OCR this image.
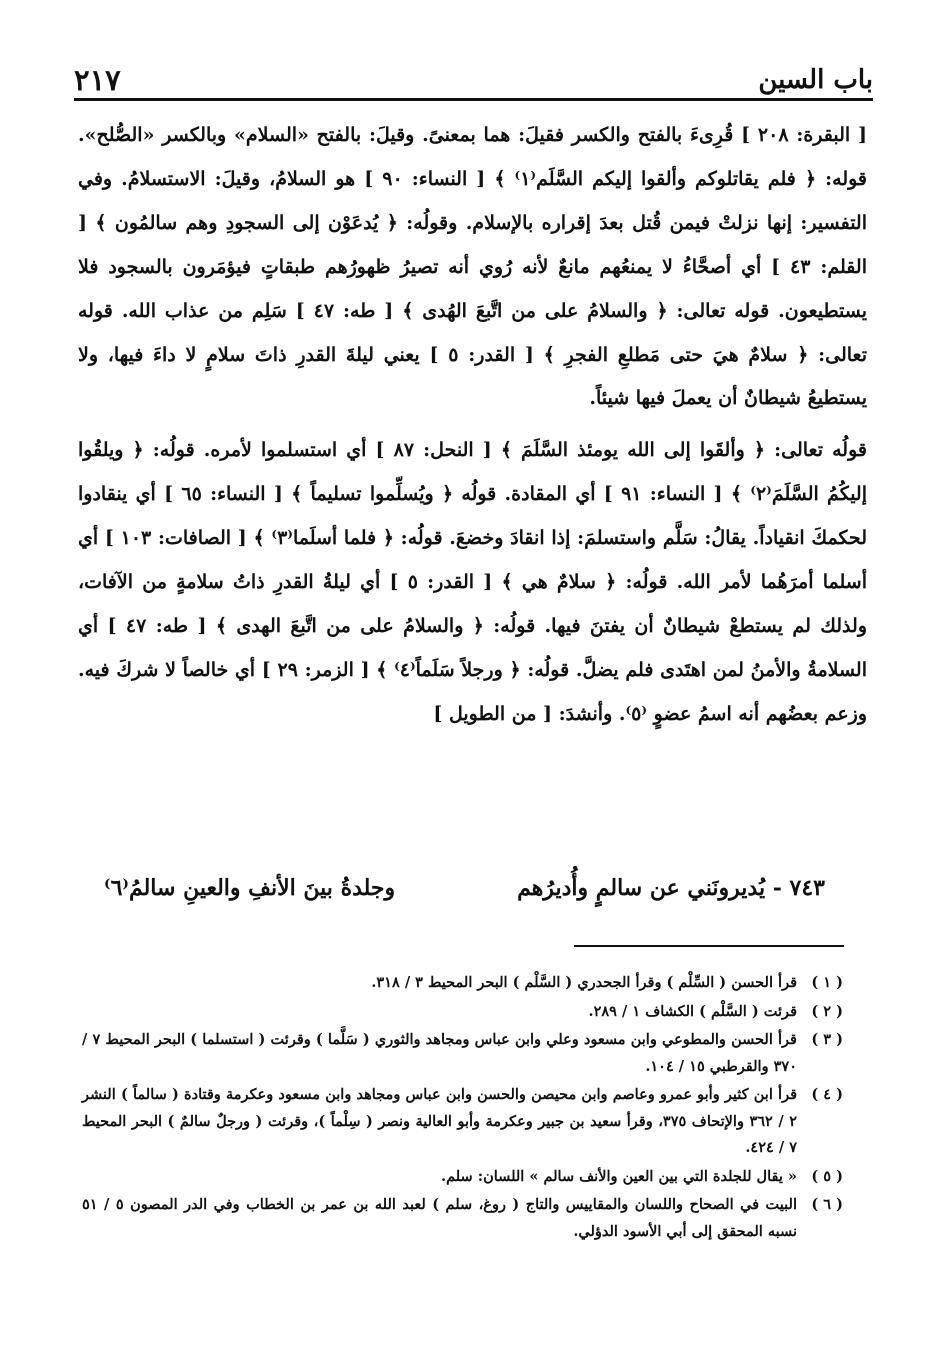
٢١٧	باب السين

[ البقرة: ٢٠٨ ] قُرِىءَ بالفتح والكسر فقيلَ: هما بمعنىً. وقيلَ: بالفتح «السلام» وبالكسر «الصُّلح». قوله: ﴿ فلم يقاتلوكم وألقوا إليكم السَّلَم⁽١⁾ ﴾ [ النساء: ٩٠ ] هو السلامُ، وقيلَ: الاستسلامُ. وفي التفسير: إنها نزلتْ فيمن قُتل بعدَ إقراره بالإسلام. وقولُه: ﴿ يُدعَوْن إلى السجودِ وهم سالمُون ﴾ [ القلم: ٤٣ ] أي أصحَّاءُ لا يمنعُهم مانعٌ لأنه رُوي أنه تصيرُ ظهورُهم طبقاتٍ فيؤمَرون بالسجود فلا يستطيعون. قوله تعالى: ﴿ والسلامُ على من اتَّبعَ الهُدى ﴾ [ طه: ٤٧ ] سَلِم من عذاب الله. قوله تعالى: ﴿ سلامٌ هيَ حتى مَطلعِ الفجرِ ﴾ [ القدر: ٥ ] يعني ليلةَ القدرِ ذاتَ سلامٍ لا داءَ فيها، ولا يستطيعُ شيطانٌ أن يعملَ فيها شيئاً.

قولُه تعالى: ﴿ وألقَوا إلى الله يومئذ السَّلَمَ ﴾ [ النحل: ٨٧ ] أي استسلموا لأمره. قولُه: ﴿ ويلقُوا إليكُمُ السَّلَمَ⁽٢⁾ ﴾ [ النساء: ٩١ ] أي المقادة. قولُه ﴿ ويُسلِّموا تسليماً ﴾ [ النساء: ٦٥ ] أي ينقادوا لحكمكَ انقياداً. يقالُ: سَلَّم واستسلمَ: إذا انقادَ وخضعَ. قولُه: ﴿ فلما أسلَما⁽٣⁾ ﴾ [ الصافات: ١٠٣ ] أي أسلما أمرَهُما لأمر الله. قولُه: ﴿ سلامٌ هي ﴾ [ القدر: ٥ ] أي ليلةُ القدرِ ذاتُ سلامةٍ من الآفات، ولذلك لم يستطعْ شيطانٌ أن يفتنَ فيها. قولُه: ﴿ والسلامُ على من اتَّبعَ الهدى ﴾ [ طه: ٤٧ ] أي السلامةُ والأمنُ لمن اهتَدى فلم يضلَّ. قولُه: ﴿ ورجلاً سَلَماً⁽٤⁾ ﴾ [ الزمر: ٢٩ ] أي خالصاً لا شركَ فيه. وزعم بعضُهم أنه اسمُ عضوٍ ⁽٥⁾. وأنشدَ: [ من الطويل ]

٧٤٣ - يُديرونَني عن سالمٍ وأُديرُهم
وجلدةُ بينَ الأنفِ والعينِ سالمُ⁽٦⁾
( ١ )
قرأ الحسن ( السِّلْم ) وقرأ الجحدري ( السَّلْم ) البحر المحيط ٣ / ٣١٨.
( ٢ )
قرئت ( السَّلْم ) الكشاف ١ / ٢٨٩.
( ٣ )
قرأ الحسن والمطوعي وابن مسعود وعلي وابن عباس ومجاهد والثوري ( سَلَّما ) وقرئت ( استسلما ) البحر المحيط ٧ / ٣٧٠ والقرطبي ١٥ / ١٠٤.
( ٤ )
قرأ ابن كثير وأبو عمرو وعاصم وابن محيصن والحسن وابن عباس ومجاهد وابن مسعود وعكرمة وقتادة ( سالماً ) النشر ٢ / ٣٦٢ والإتحاف ٣٧٥، وقرأ سعيد بن جبير وعكرمة وأبو العالية ونصر ( سِلْماً )، وقرئت ( ورجلٌ سالمٌ ) البحر المحيط ٧ / ٤٢٤.
( ٥ )
« يقال للجلدة التي بين العين والأنف سالم » اللسان: سلم.
( ٦ )
البيت في الصحاح واللسان والمقاييس والتاج ( روغ، سلم ) لعبد الله بن عمر بن الخطاب وفي الدر المصون ٥ / ٥١ نسبه المحقق إلى أبي الأسود الدؤلي.
